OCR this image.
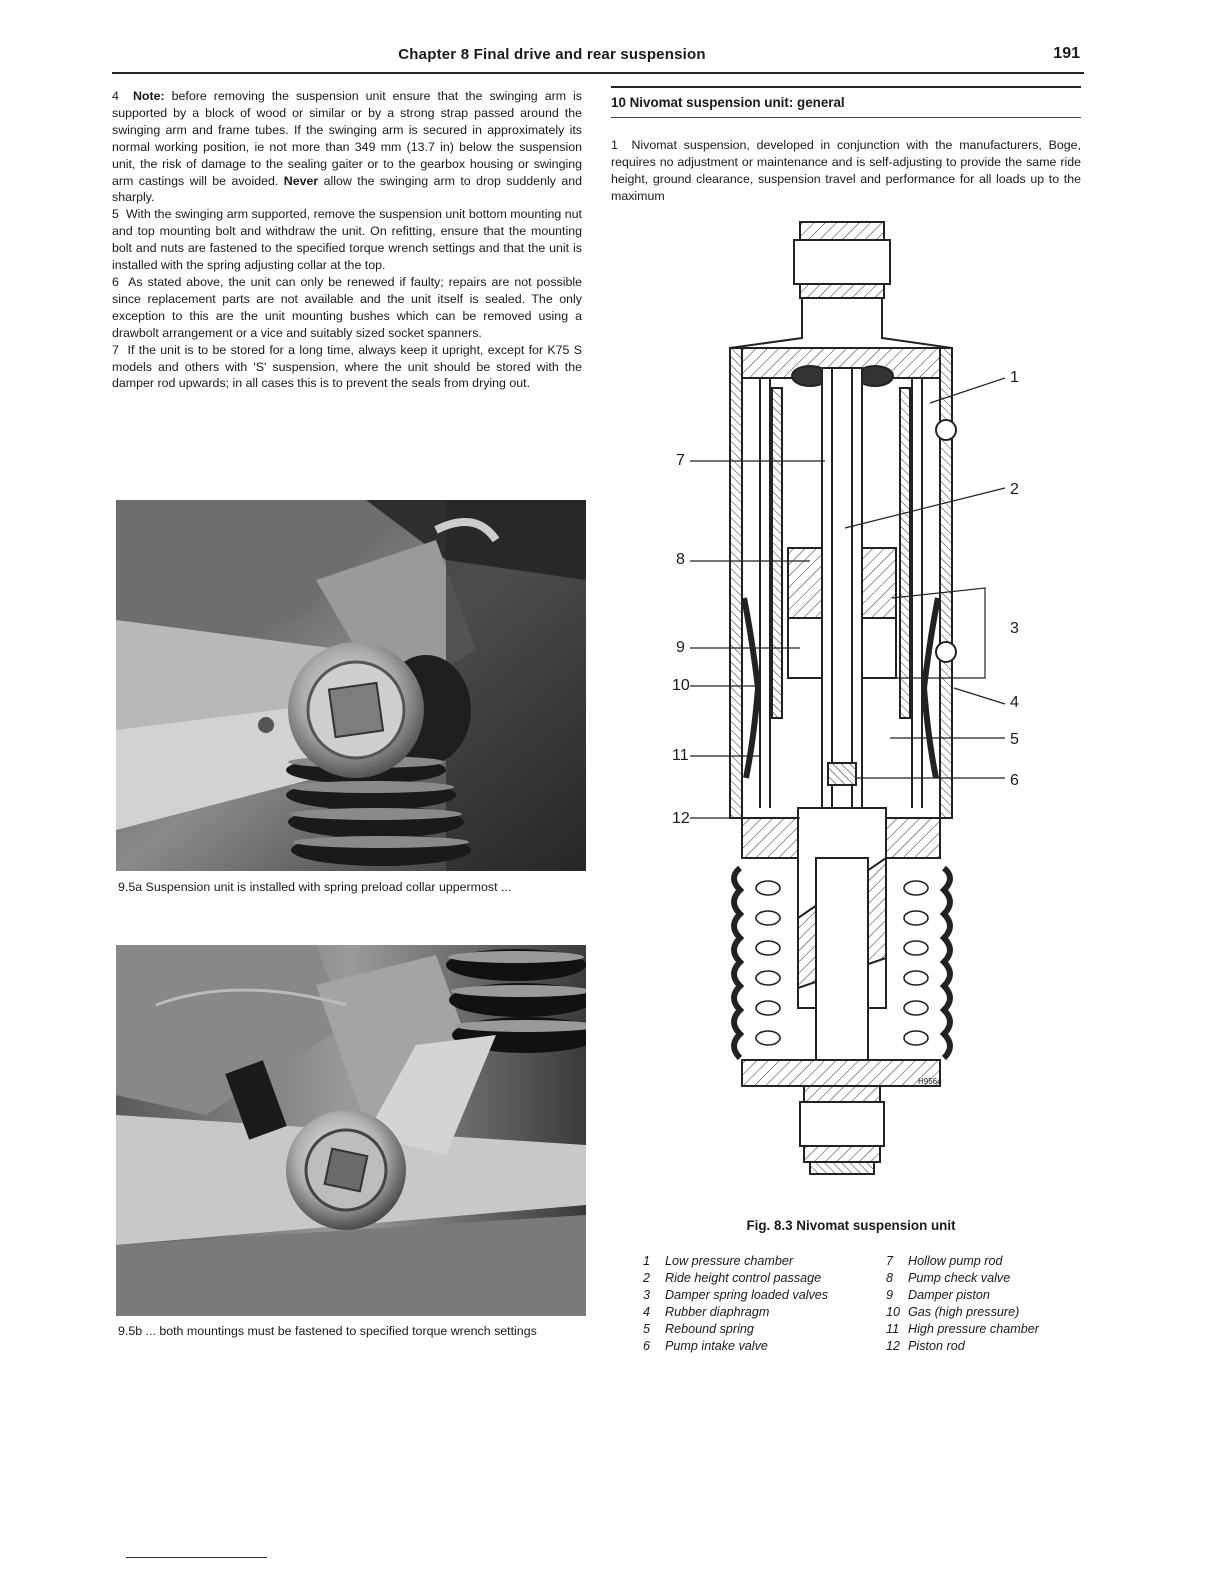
Chapter 8 Final drive and rear suspension	191

4 Note: before removing the suspension unit ensure that the swinging arm is supported by a block of wood or similar or by a strong strap passed around the swinging arm and frame tubes. If the swinging arm is secured in approximately its normal working position, ie not more than 349 mm (13.7 in) below the suspension unit, the risk of damage to the sealing gaiter or to the gearbox housing or swinging arm castings will be avoided. Never allow the swinging arm to drop suddenly and sharply.

5 With the swinging arm supported, remove the suspension unit bottom mounting nut and top mounting bolt and withdraw the unit. On refitting, ensure that the mounting bolt and nuts are fastened to the specified torque wrench settings and that the unit is installed with the spring adjusting collar at the top.

6 As stated above, the unit can only be renewed if faulty; repairs are not possible since replacement parts are not available and the unit itself is sealed. The only exception to this are the unit mounting bushes which can be removed using a drawbolt arrangement or a vice and suitably sized socket spanners.

7 If the unit is to be stored for a long time, always keep it upright, except for K75 S models and others with 'S' suspension, where the unit should be stored with the damper rod upwards; in all cases this is to prevent the seals from drying out.

9.5a Suspension unit is installed with spring preload collar uppermost ...
9.5b ... both mountings must be fastened to specified torque wrench settings
10 Nivomat suspension unit: general
1 Nivomat suspension, developed in conjunction with the manufacturers, Boge, requires no adjustment or maintenance and is self-adjusting to provide the same ride height, ground clearance, suspension travel and performance for all loads up to the maximum
1
2
3
4
5
6
7
8
9
10
11
12
H9564
Fig. 8.3 Nivomat suspension unit
1 Low pressure chamber
2 Ride height control passage
3 Damper spring loaded valves
4 Rubber diaphragm
5 Rebound spring
6 Pump intake valve
7 Hollow pump rod
8 Pump check valve
9 Damper piston
10 Gas (high pressure)
11 High pressure chamber
12 Piston rod
